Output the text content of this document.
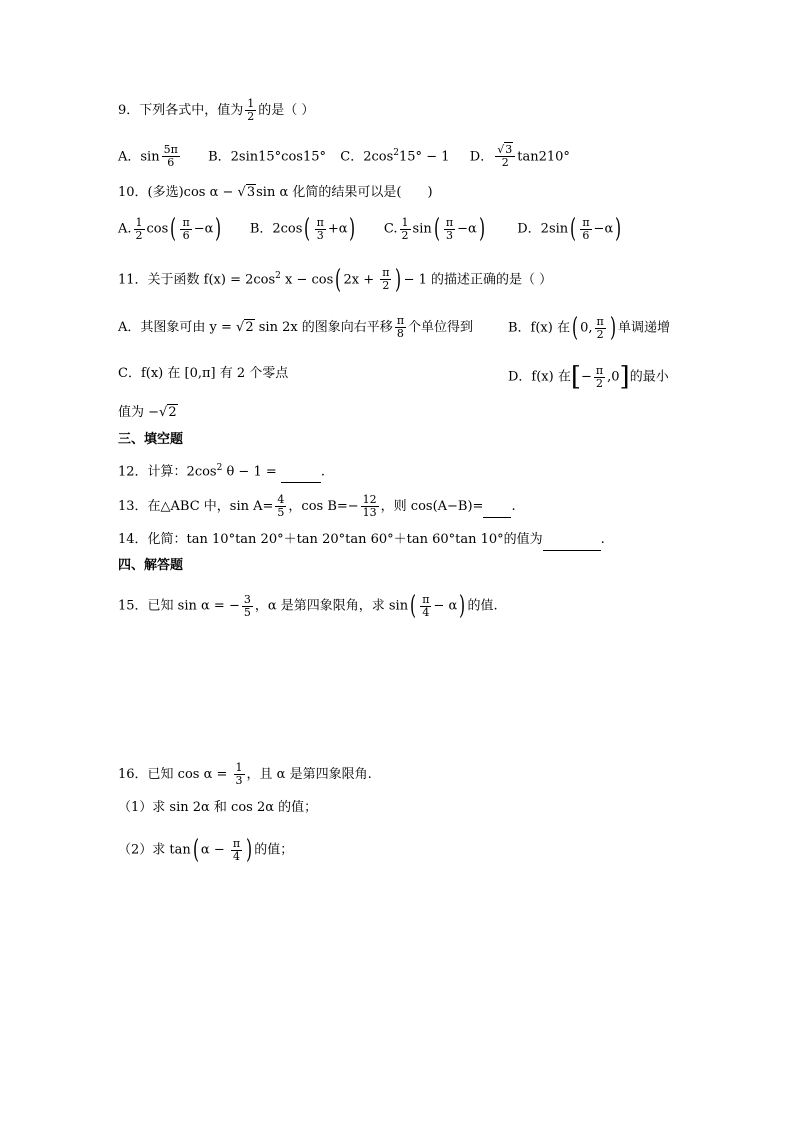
9．下列各式中，值为 $\frac{1}{2}$ 的是（ ）
A．$\sin \frac{5\pi}{6}$ B．2sin15°cos15° C．$2\cos^215^\circ - 1$ D． $\frac{√3}{2} \tan 210^\circ$
10．(多选)cos α − √3sin α 化简的结果可以是(　　)
A. $\frac{1}{2} \cos( \frac{\pi}{6} -\alpha)$ B．$2\cos( \frac{\pi}{3} +\alpha)$ C. $\frac{1}{2} \sin( \frac{\pi}{3} -\alpha)$ D．$2\sin( \frac{\pi}{6} -\alpha)$
11．关于函数 $f(x) = 2\cos^2$ x − cos( $2x + \frac{\pi}{2}$ ) − 1 的描述正确的是（ ）
A．其图象可由 y = √2 sin 2x 的图象向右平移 $\frac{\pi}{8}$ 个单位得到	B．f(x) 在( 0, $\frac{\pi}{2}$ ) 单调递增
C．f(x) 在 [0,π] 有 2 个零点	D．f(x) 在[− $\frac{\pi}{2} ,0$]的最小
值为 −√2
三、填空题
12．计算：$2\cos^2$ θ − 1 =	.
13．在△ABC 中，$\sin A= \frac{4}{5}$ ，$\cos B=- \frac{12}{13}$ ，则 cos(A−B)= .
14．化简：tan 10°tan 20°＋tan 20°tan 60°＋tan 60°tan 10°的值为	.
四、解答题
15．已知 sin α = − $\frac{3}{5}$ ，α 是第四象限角，求 $\sin( \frac{\pi}{4} - \alpha)$ 的值.
16．已知 $\cos \alpha = \frac{1}{3}$ ，且 α 是第四象限角.
（1）求 sin 2α 和 cos 2α 的值；
（2）求 tan( $\alpha - \frac{\pi}{4}$ ) 的值；
